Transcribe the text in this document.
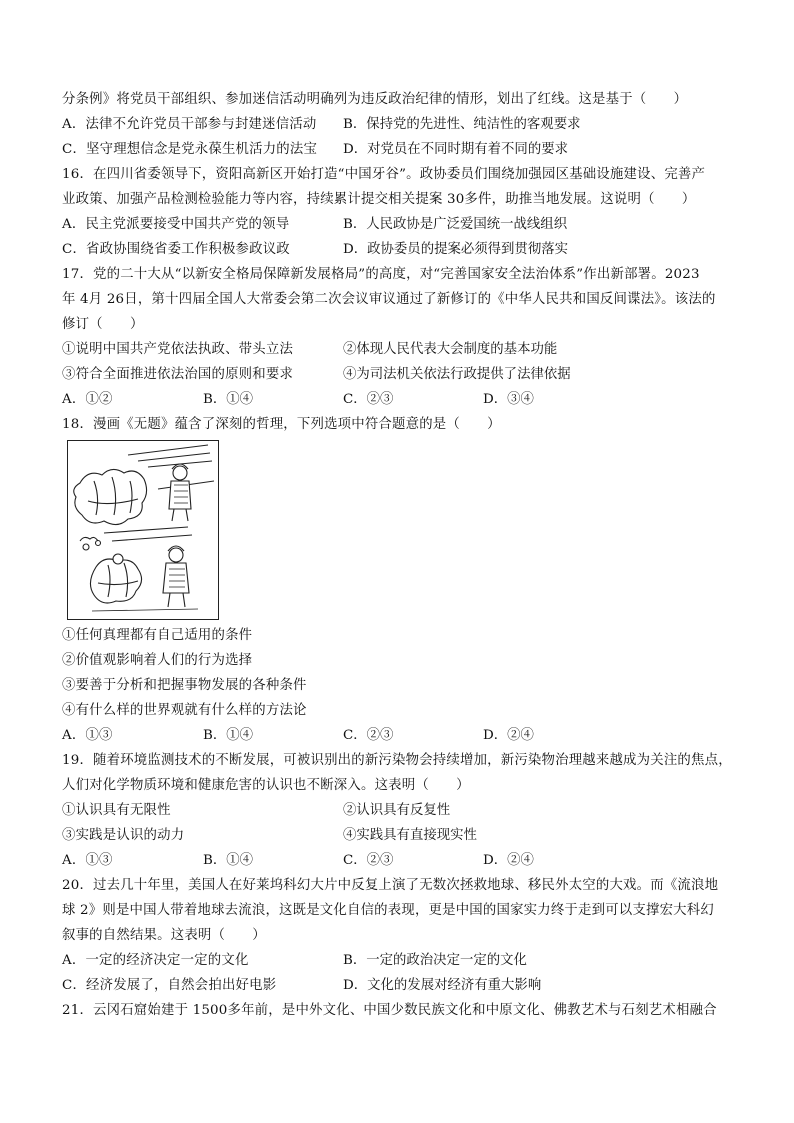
分条例》将党员干部组织、参加迷信活动明确列为违反政治纪律的情形，划出了红线。这是基于（　　）
A．法律不允许党员干部参与封建迷信活动 B．保持党的先进性、纯洁性的客观要求
C．坚守理想信念是党永葆生机活力的法宝 D．对党员在不同时期有着不同的要求
16．在四川省委领导下，资阳高新区开始打造“中国牙谷”。政协委员们围绕加强园区基础设施建设、完善产
业政策、加强产品检测检验能力等内容，持续累计提交相关提案 30多件，助推当地发展。这说明（　　）
A．民主党派要接受中国共产党的领导	B．人民政协是广泛爱国统一战线组织
C．省政协围绕省委工作积极参政议政	D．政协委员的提案必须得到贯彻落实
17．党的二十大从“以新安全格局保障新发展格局”的高度，对“完善国家安全法治体系”作出新部署。2023
年 4月 26日，第十四届全国人大常委会第二次会议审议通过了新修订的《中华人民共和国反间谍法》。该法的
修订（　　）
①说明中国共产党依法执政、带头立法	②体现人民代表大会制度的基本功能
③符合全面推进依法治国的原则和要求	④为司法机关依法行政提供了法律依据
A．①②	B．①④	C．②③	D．③④
18．漫画《无题》蕴含了深刻的哲理，下列选项中符合题意的是（　　）
①任何真理都有自己适用的条件
②价值观影响着人们的行为选择
③要善于分析和把握事物发展的各种条件
④有什么样的世界观就有什么样的方法论
A．①③	B．①④	C．②③	D．②④
19．随着环境监测技术的不断发展，可被识别出的新污染物会持续增加，新污染物治理越来越成为关注的焦点，
人们对化学物质环境和健康危害的认识也不断深入。这表明（　　）
①认识具有无限性	②认识具有反复性
③实践是认识的动力	④实践具有直接现实性
A．①③	B．①④	C．②③	D．②④
20．过去几十年里，美国人在好莱坞科幻大片中反复上演了无数次拯救地球、移民外太空的大戏。而《流浪地
球 2》则是中国人带着地球去流浪，这既是文化自信的表现，更是中国的国家实力终于走到可以支撑宏大科幻
叙事的自然结果。这表明（　　）
A．一定的经济决定一定的文化	B．一定的政治决定一定的文化
C．经济发展了，自然会拍出好电影	D．文化的发展对经济有重大影响
21．云冈石窟始建于 1500多年前，是中外文化、中国少数民族文化和中原文化、佛教艺术与石刻艺术相融合
